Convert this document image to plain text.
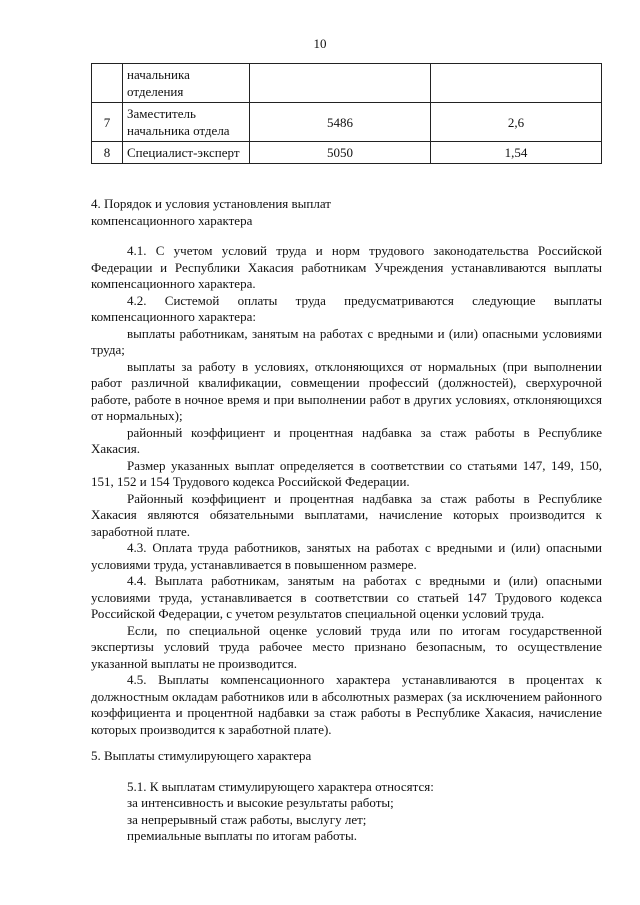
10
	начальника отделения		
7	Заместитель начальника отдела	5486	2,6
8	Специалист-эксперт	5050	1,54

4. Порядок и условия установления выплат

компенсационного характера

4.1. С учетом условий труда и норм трудового законодательства Российской Федерации и Республики Хакасия работникам Учреждения устанавливаются выплаты компенсационного характера.

4.2. Системой оплаты труда предусматриваются следующие выплаты компенсационного характера:

выплаты работникам, занятым на работах с вредными и (или) опасными условиями труда;

выплаты за работу в условиях, отклоняющихся от нормальных (при выполнении работ различной квалификации, совмещении профессий (должностей), сверхурочной работе, работе в ночное время и при выполнении работ в других условиях, отклоняющихся от нормальных);

районный коэффициент и процентная надбавка за стаж работы в Республике Хакасия.

Размер указанных выплат определяется в соответствии со статьями 147, 149, 150, 151, 152 и 154 Трудового кодекса Российской Федерации.

Районный коэффициент и процентная надбавка за стаж работы в Республике Хакасия являются обязательными выплатами, начисление которых производится к заработной плате.

4.3. Оплата труда работников, занятых на работах с вредными и (или) опасными условиями труда, устанавливается в повышенном размере.

4.4. Выплата работникам, занятым на работах с вредными и (или) опасными условиями труда, устанавливается в соответствии со статьей 147 Трудового кодекса Российской Федерации, с учетом результатов специальной оценки условий труда.

Если, по специальной оценке условий труда или по итогам государственной экспертизы условий труда рабочее место признано безопасным, то осуществление указанной выплаты не производится.

4.5. Выплаты компенсационного характера устанавливаются в процентах к должностным окладам работников или в абсолютных размерах (за исключением районного коэффициента и процентной надбавки за стаж работы в Республике Хакасия, начисление которых производится к заработной плате).

5. Выплаты стимулирующего характера

5.1. К выплатам стимулирующего характера относятся:

за интенсивность и высокие результаты работы;

за непрерывный стаж работы, выслугу лет;

премиальные выплаты по итогам работы.
